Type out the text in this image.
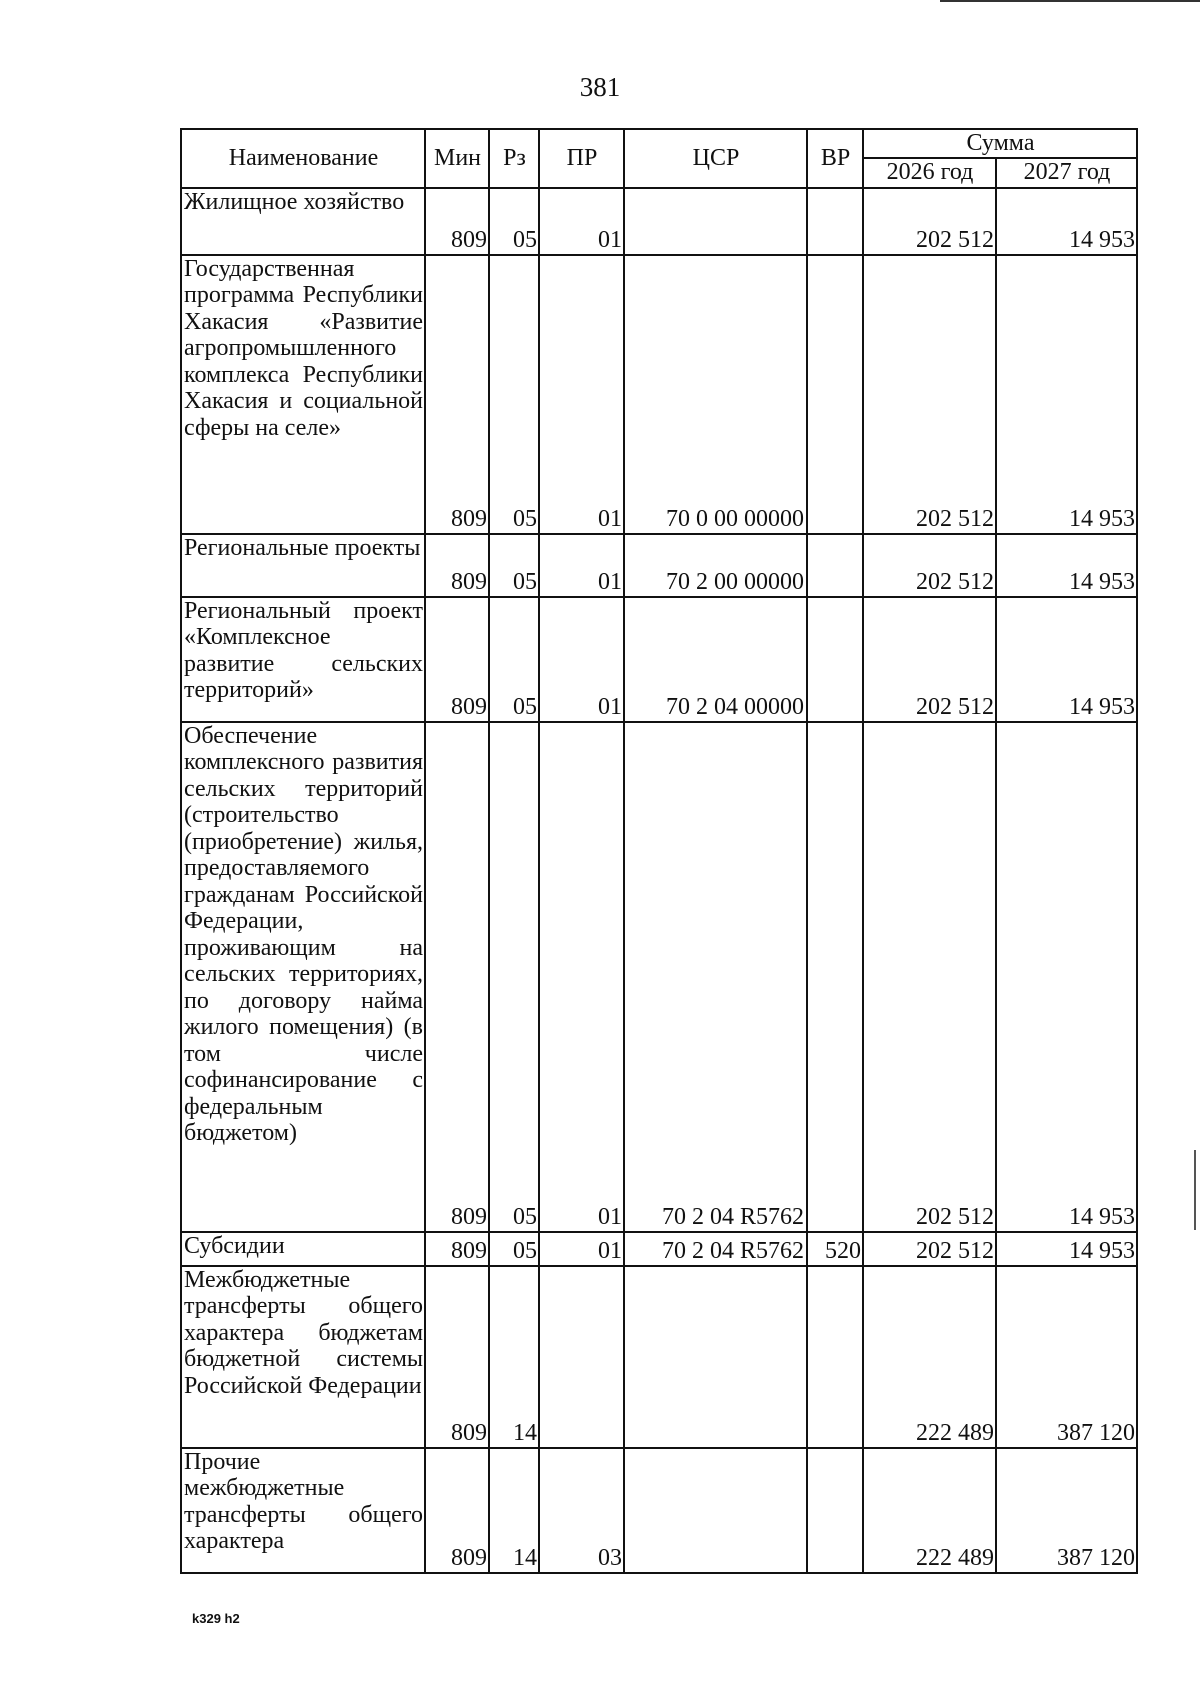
381
Наименование	Мин	Рз	ПР	ЦСР	ВР	Сумма	
						2026 год	2027 год
Жилищное хозяйство	809	05	01			202 512	14 953
Государственная программа Республики Хакасия «Развитие агропромышленного комплекса Республики Хакасия и социальной сферы на селе»	809	05	01	70 0 00 00000		202 512	14 953
Региональные проекты	809	05	01	70 2 00 00000		202 512	14 953
Региональный проект «Комплексное развитие сельских территорий»	809	05	01	70 2 04 00000		202 512	14 953
Обеспечение комплексного развития сельских территорий (строительство (приобретение) жилья, предоставляемого гражданам Российской Федерации, проживающим на сельских территориях, по договору найма жилого помещения) (в том числе софинансирование с федеральным бюджетом)	809	05	01	70 2 04 R5762		202 512	14 953
Субсидии	809	05	01	70 2 04 R5762	520	202 512	14 953
Межбюджетные трансферты общего характера бюджетам бюджетной системы Российской Федерации	809	14				222 489	387 120
Прочие межбюджетные трансферты общего характера	809	14	03			222 489	387 120
k329 h2
